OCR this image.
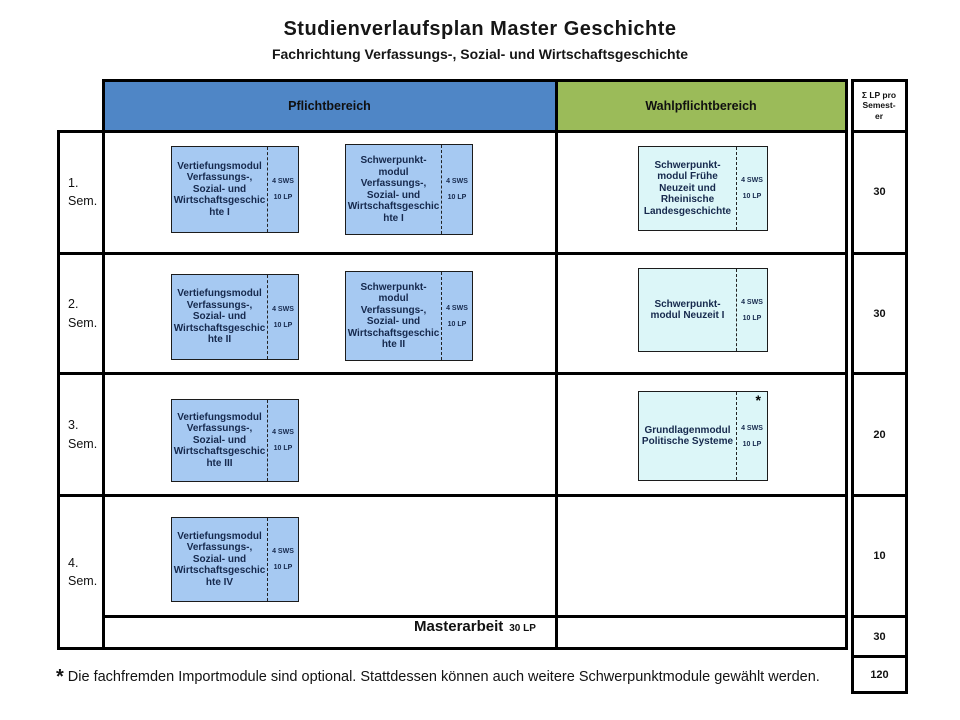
Studienverlaufsplan Master Geschichte
Fachrichtung Verfassungs-, Sozial- und Wirtschaftsgeschichte
Pflichtbereich	Wahlpflichtbereich
Σ LP pro
Semest-
er
1. Sem.
2. Sem.
3. Sem.
4. Sem.
30
30
20
10
30
120
Vertiefungsmodul Verfassungs-, Sozial- und Wirtschaftsgeschichte I
4 SWS
10 LP
Schwerpunkt-modul Verfassungs-, Sozial- und Wirtschaftsgeschichte I
4 SWS
10 LP
Schwerpunkt-modul Frühe Neuzeit und Rheinische Landesgeschichte
4 SWS
10 LP
Vertiefungsmodul Verfassungs-, Sozial- und Wirtschaftsgeschichte II
4 SWS
10 LP
Schwerpunkt-modul Verfassungs-, Sozial- und Wirtschaftsgeschichte II
4 SWS
10 LP
Schwerpunkt-modul Neuzeit I
4 SWS
10 LP
Vertiefungsmodul Verfassungs-, Sozial- und Wirtschaftsgeschichte III
4 SWS
10 LP
*
Grundlagenmodul Politische Systeme
4 SWS
10 LP
Vertiefungsmodul Verfassungs-, Sozial- und Wirtschaftsgeschichte IV
4 SWS
10 LP
Masterarbeit 30 LP
* Die fachfremden Importmodule sind optional. Stattdessen können auch weitere Schwerpunktmodule gewählt werden.
